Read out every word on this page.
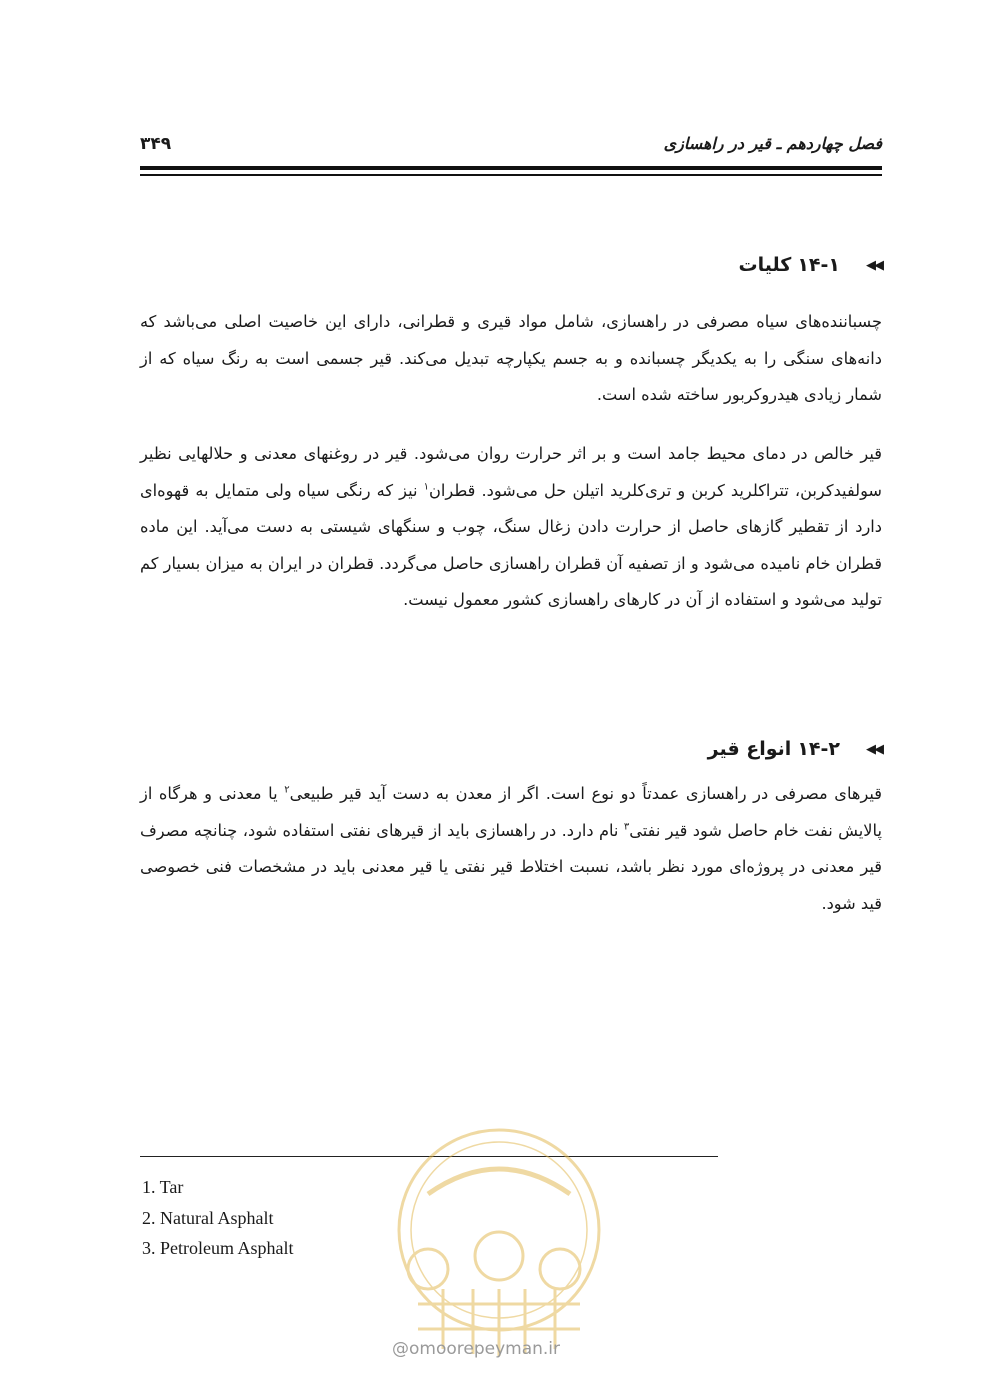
۳۴۹	فصل چهاردهم ـ قیر در راهسازی
◀◀
۱۴-۱
کلیات

چسباننده‌های سیاه مصرفی در راهسازی، شامل مواد قیری و قطرانی، دارای این خاصیت اصلی می‌باشد که دانه‌های سنگی را به یکدیگر چسبانده و به جسم یکپارچه تبدیل می‌کند. قیر جسمی است به رنگ سیاه که از شمار زیادی هیدروکربور ساخته شده است.

قیر خالص در دمای محیط جامد است و بر اثر حرارت روان می‌شود. قیر در روغنهای معدنی و حلالهایی نظیر سولفیدکربن، تتراکلرید کربن و تری‌کلرید اتیلن حل می‌شود. قطران$^۱$ نیز که رنگی سیاه ولی متمایل به قهوه‌ای دارد از تقطیر گازهای حاصل از حرارت دادن زغال سنگ، چوب و سنگهای شیستی به دست می‌آید. این ماده قطران خام نامیده می‌شود و از تصفیه آن قطران راهسازی حاصل می‌گردد. قطران در ایران به میزان بسیار کم تولید می‌شود و استفاده از آن در کارهای راهسازی کشور معمول نیست.

◀◀
۱۴-۲
انواع قیر

قیرهای مصرفی در راهسازی عمدتاً دو نوع است. اگر از معدن به دست آید قیر طبیعی$^۲$ یا معدنی و هرگاه از پالایش نفت خام حاصل شود قیر نفتی$^۳$ نام دارد. در راهسازی باید از قیرهای نفتی استفاده شود، چنانچه مصرف قیر معدنی در پروژه‌ای مورد نظر باشد، نسبت اختلاط قیر نفتی یا قیر معدنی باید در مشخصات فنی خصوصی قید شود.

1. Tar
2. Natural Asphalt
3. Petroleum Asphalt
@omoorepeyman.ir
